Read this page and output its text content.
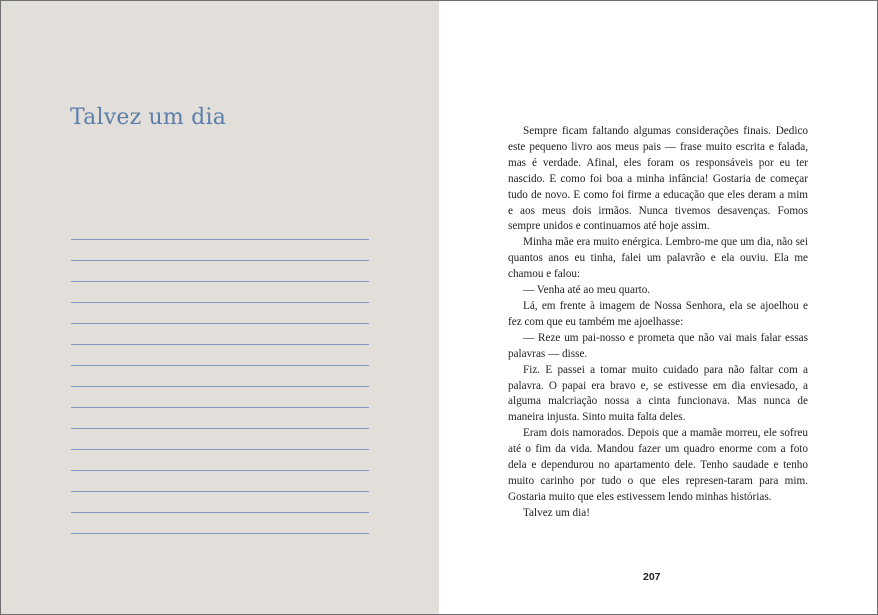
Talvez um dia

Sempre ficam faltando algumas considerações finais. Dedico este pequeno livro aos meus pais — frase muito escrita e falada, mas é verdade. Afinal, eles foram os responsáveis por eu ter nascido. E como foi boa a minha infância! Gostaria de começar tudo de novo. E como foi firme a educação que eles deram a mim e aos meus dois irmãos. Nunca tivemos desavenças. Fomos sempre unidos e continuamos até hoje assim.

Minha mãe era muito enérgica. Lembro-me que um dia, não sei quantos anos eu tinha, falei um palavrão e ela ouviu. Ela me chamou e falou:

— Venha até ao meu quarto.

Lá, em frente à imagem de Nossa Senhora, ela se ajoelhou e fez com que eu também me ajoelhasse:

— Reze um pai-nosso e prometa que não vai mais falar essas palavras — disse.

Fiz. E passei a tomar muito cuidado para não faltar com a palavra. O papai era bravo e, se estivesse em dia enviesado, a alguma malcriação nossa a cinta funcionava. Mas nunca de maneira injusta. Sinto muita falta deles.

Eram dois namorados. Depois que a mamãe morreu, ele sofreu até o fim da vida. Mandou fazer um quadro enorme com a foto dela e dependurou no apartamento dele. Tenho saudade e tenho muito carinho por tudo o que eles represen-taram para mim. Gostaria muito que eles estivessem lendo minhas histórias.

Talvez um dia!

207
